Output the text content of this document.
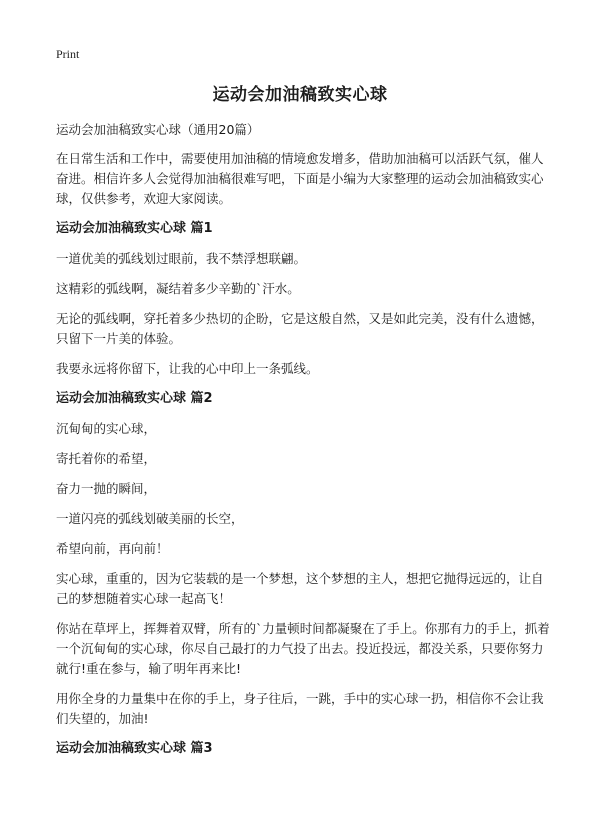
Print
运动会加油稿致实心球
运动会加油稿致实心球（通用20篇）
在日常生活和工作中，需要使用加油稿的情境愈发增多，借助加油稿可以活跃气氛，催人奋进。相信许多人会觉得加油稿很难写吧，下面是小编为大家整理的运动会加油稿致实心球，仅供参考，欢迎大家阅读。
运动会加油稿致实心球 篇1
一道优美的弧线划过眼前，我不禁浮想联翩。
这精彩的弧线啊，凝结着多少辛勤的`汗水。
无论的弧线啊，穿托着多少热切的企盼，它是这般自然，又是如此完美，没有什么遗憾，只留下一片美的体验。
我要永远将你留下，让我的心中印上一条弧线。
运动会加油稿致实心球 篇2
沉甸甸的实心球，
寄托着你的希望，
奋力一抛的瞬间，
一道闪亮的弧线划破美丽的长空，
希望向前，再向前！
实心球，重重的，因为它装载的是一个梦想，这个梦想的主人，想把它抛得远远的，让自己的梦想随着实心球一起高飞！
你站在草坪上，挥舞着双臂，所有的`力量顿时间都凝聚在了手上。你那有力的手上，抓着一个沉甸甸的实心球，你尽自己最打的力气投了出去。投近投远，都没关系，只要你努力就行!重在参与，输了明年再来比!
用你全身的力量集中在你的手上，身子往后，一跳，手中的实心球一扔，相信你不会让我们失望的，加油!
运动会加油稿致实心球 篇3
